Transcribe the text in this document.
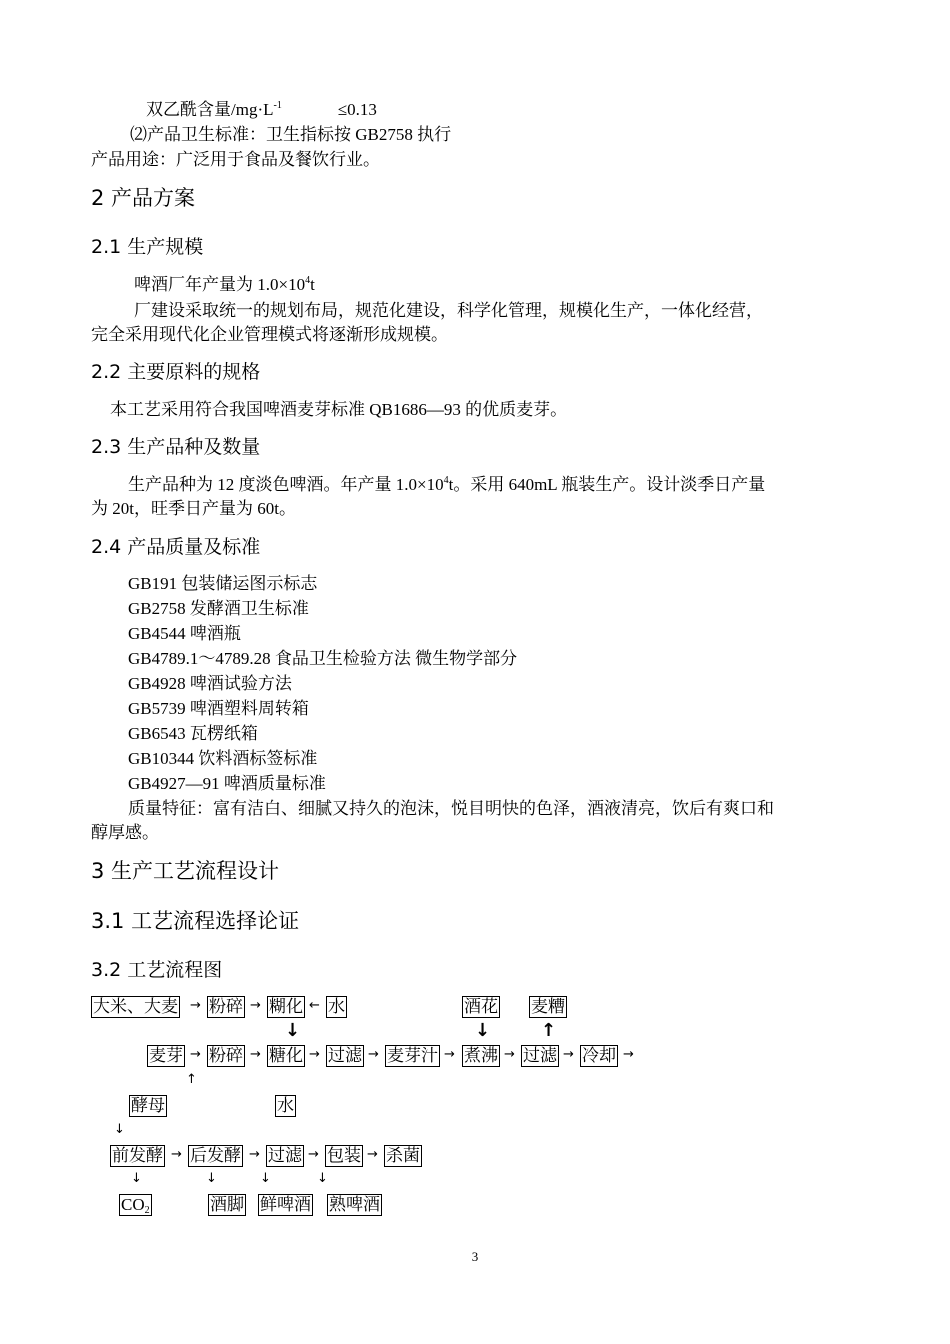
双乙酰含量$/mg\cdot L^{-1}$	≤0.13
⑵产品卫生标准：卫生指标按 GB2758 执行
产品用途：广泛用于食品及餐饮行业。
2 产品方案
2.1 生产规模
啤酒厂年产量为 $1.0\times 10^4t$
厂建设采取统一的规划布局，规范化建设，科学化管理，规模化生产，一体化经营，
完全采用现代化企业管理模式将逐渐形成规模。
2.2 主要原料的规格
本工艺采用符合我国啤酒麦芽标准 QB1686—93 的优质麦芽。
2.3 生产品种及数量
生产品种为 12 度淡色啤酒。年产量 $1.0\times 10^4t$。采用 640mL 瓶装生产。设计淡季日产量
为 20t，旺季日产量为 60t。
2.4 产品质量及标准
GB191 包装储运图示标志
GB2758 发酵酒卫生标准
GB4544 啤酒瓶
GB4789.1～4789.28 食品卫生检验方法 微生物学部分
GB4928 啤酒试验方法
GB5739 啤酒塑料周转箱
GB6543 瓦楞纸箱
GB10344 饮料酒标签标准
GB4927—91 啤酒质量标准
质量特征：富有洁白、细腻又持久的泡沫，悦目明快的色泽，酒液清亮，饮后有爽口和
醇厚感。
3 生产工艺流程设计
3.1 工艺流程选择论证
3.2 工艺流程图
大米、大麦 → 粉碎 → 糊化 ← 水	酒花 麦糟
↓	↓	↑
麦芽 → 粉碎 → 糖化 → 过滤 → 麦芽汁 → 煮沸 → 过滤 → 冷却 →
↑
酵母	水
↓
前发酵 → 后发酵 → 过滤 → 包装 → 杀菌
↓	↓	↓	↓
$CO_2$	酒脚 鲜啤酒 熟啤酒
3
